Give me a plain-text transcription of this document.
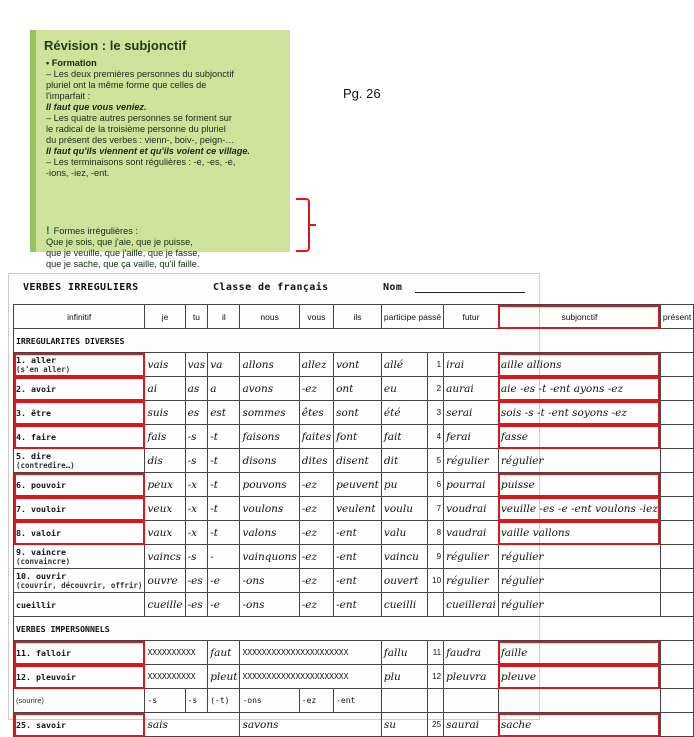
Révision : le subjonctif

• Formation

– Les deux premières personnes du subjonctif

pluriel ont la même forme que celles de

l'imparfait :

Il faut que vous veniez.

– Les quatre autres personnes se forment sur

le radical de la troisième personne du pluriel

du présent des verbes : vienn-, boiv-, peign-…

Il faut qu'ils viennent et qu'ils voient ce village.

– Les terminaisons sont régulières : -e, -es, -e,

-ions, -iez, -ent.

! Formes irrégulières :

Que je sois, que j'aie, que je puisse,

que je veuille, que j'aille, que je fasse,

que je sache, que ça vaille, qu'il faille.

Pg. 26
VERBES IRREGULIERS	Classe de français	Nom
infinitif	je	tu	il	nous	vous	ils	participe passé		futur	subjonctif	présent
IRREGULARITES DIVERSES											
1. aller
(s'en aller)	vais	vas	va	allons	allez	vont	allé	1	irai	aille allions	
2. avoir	ai	as	a	avons	-ez	ont	eu	2	aurai	aie -es -t -ent ayons -ez	
3. être	suis	es	est	sommes	êtes	sont	été	3	serai	sois -s -t -ent soyons -ez	
4. faire	fais	-s	-t	faisons	faites	font	fait	4	ferai	fasse	
5. dire
(contredire…)	dis	-s	-t	disons	dites	disent	dit	5	régulier	régulier	
6. pouvoir	peux	-x	-t	pouvons	-ez	peuvent	pu	6	pourrai	puisse	
7. vouloir	veux	-x	-t	voulons	-ez	veulent	voulu	7	voudrai	veuille -es -e -ent voulons -iez	
8. valoir	vaux	-x	-t	valons	-ez	-ent	valu	8	vaudrai	vaille vallons	
9. vaincre
(convaincre)	vaincs	-s	-	vainquons	-ez	-ent	vaincu	9	régulier	régulier	
10. ouvrir
(couvrir, découvrir, offrir)	ouvre	-es	-e	-ons	-ez	-ent	ouvert	10	régulier	régulier	
cueillir	cueille	-es	-e	-ons	-ez	-ent	cueilli		cueillerai	régulier	
VERBES IMPERSONNELS											
11. falloir	XXXXXXXXXX		faut	XXXXXXXXXXXXXXXXXXXXXX			fallu	11	faudra	faille	
12. pleuvoir	XXXXXXXXXX		pleut	XXXXXXXXXXXXXXXXXXXXXX			plu	12	pleuvra	pleuve	
(sourire)	-s	-s	(-t)	-ons	-ez	-ent					
25. savoir	sais			savons			su	25	saurai	sache	
